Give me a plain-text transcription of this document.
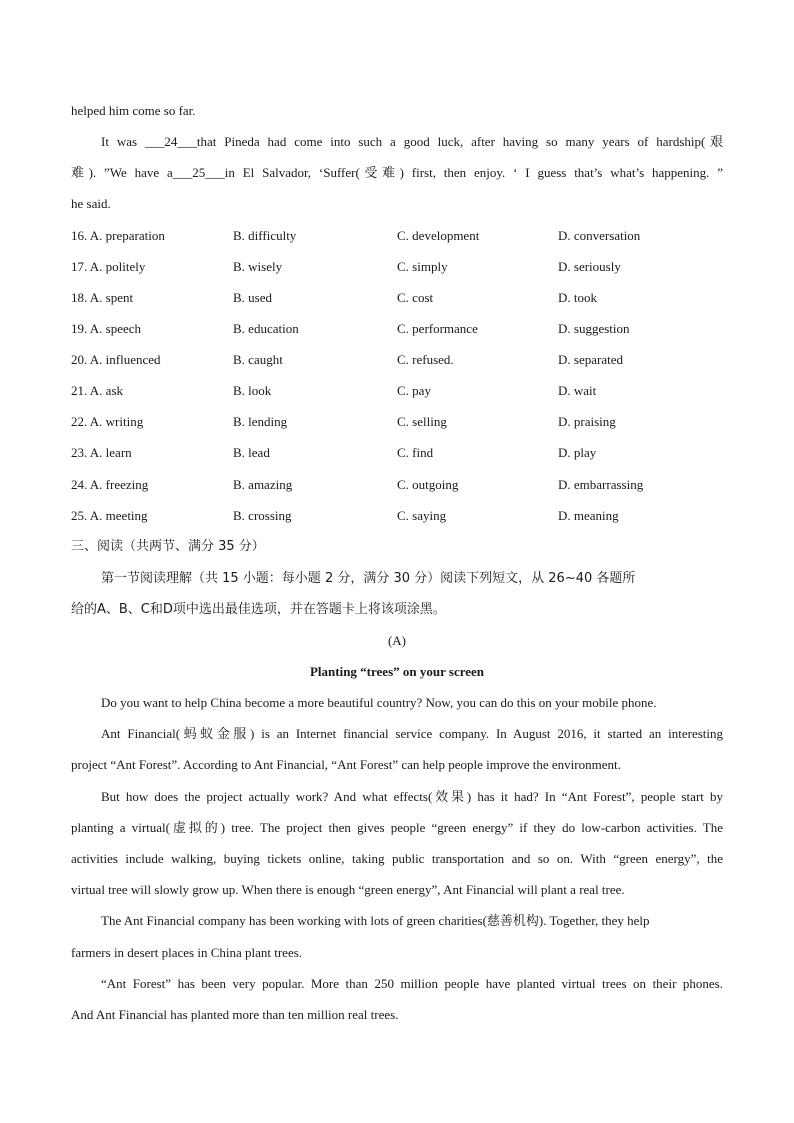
helped him come so far.
It was ___24___that Pineda had come into such a good luck, after having so many years of hardship(艰
难). ”We have a___25___in El Salvador, ‘Suffer(受难) first, then enjoy. ‘ I guess that’s what’s happening. ”
he said.
16. A. preparation	B. difficulty	C. development	D. conversation
17. A. politely	B. wisely	C. simply	D. seriously
18. A. spent	B. used	C. cost	D. took
19. A. speech	B. education	C. performance	D. suggestion
20. A. influenced	B. caught	C. refused.	D. separated
21. A. ask	B. look	C. pay	D. wait
22. A. writing	B. lending	C. selling	D. praising
23. A. learn	B. lead	C. find	D. play
24. A. freezing	B. amazing	C. outgoing	D. embarrassing
25. A. meeting	B. crossing	C. saying	D. meaning
三、阅读（共两节、满分 35 分）
第一节阅读理解（共 15 小题：每小题 2 分，满分 30 分）阅读下列短文，从 26~40 各题所
给的A、B、C和D项中选出最佳选项，并在答题卡上将该项涂黑。
(A)
Planting “trees” on your screen
Do you want to help China become a more beautiful country? Now, you can do this on your mobile phone.
Ant Financial(蚂蚁金服) is an Internet financial service company. In August 2016, it started an interesting
project “Ant Forest”. According to Ant Financial, “Ant Forest” can help people improve the environment.
But how does the project actually work? And what effects(效果) has it had? In “Ant Forest”, people start by
planting a virtual(虚拟的) tree. The project then gives people “green energy” if they do low-carbon activities. The
activities include walking, buying tickets online, taking public transportation and so on. With “green energy”, the
virtual tree will slowly grow up. When there is enough “green energy”, Ant Financial will plant a real tree.
The Ant Financial company has been working with lots of green charities(慈善机构). Together, they help
farmers in desert places in China plant trees.
“Ant Forest” has been very popular. More than 250 million people have planted virtual trees on their phones.
And Ant Financial has planted more than ten million real trees.
